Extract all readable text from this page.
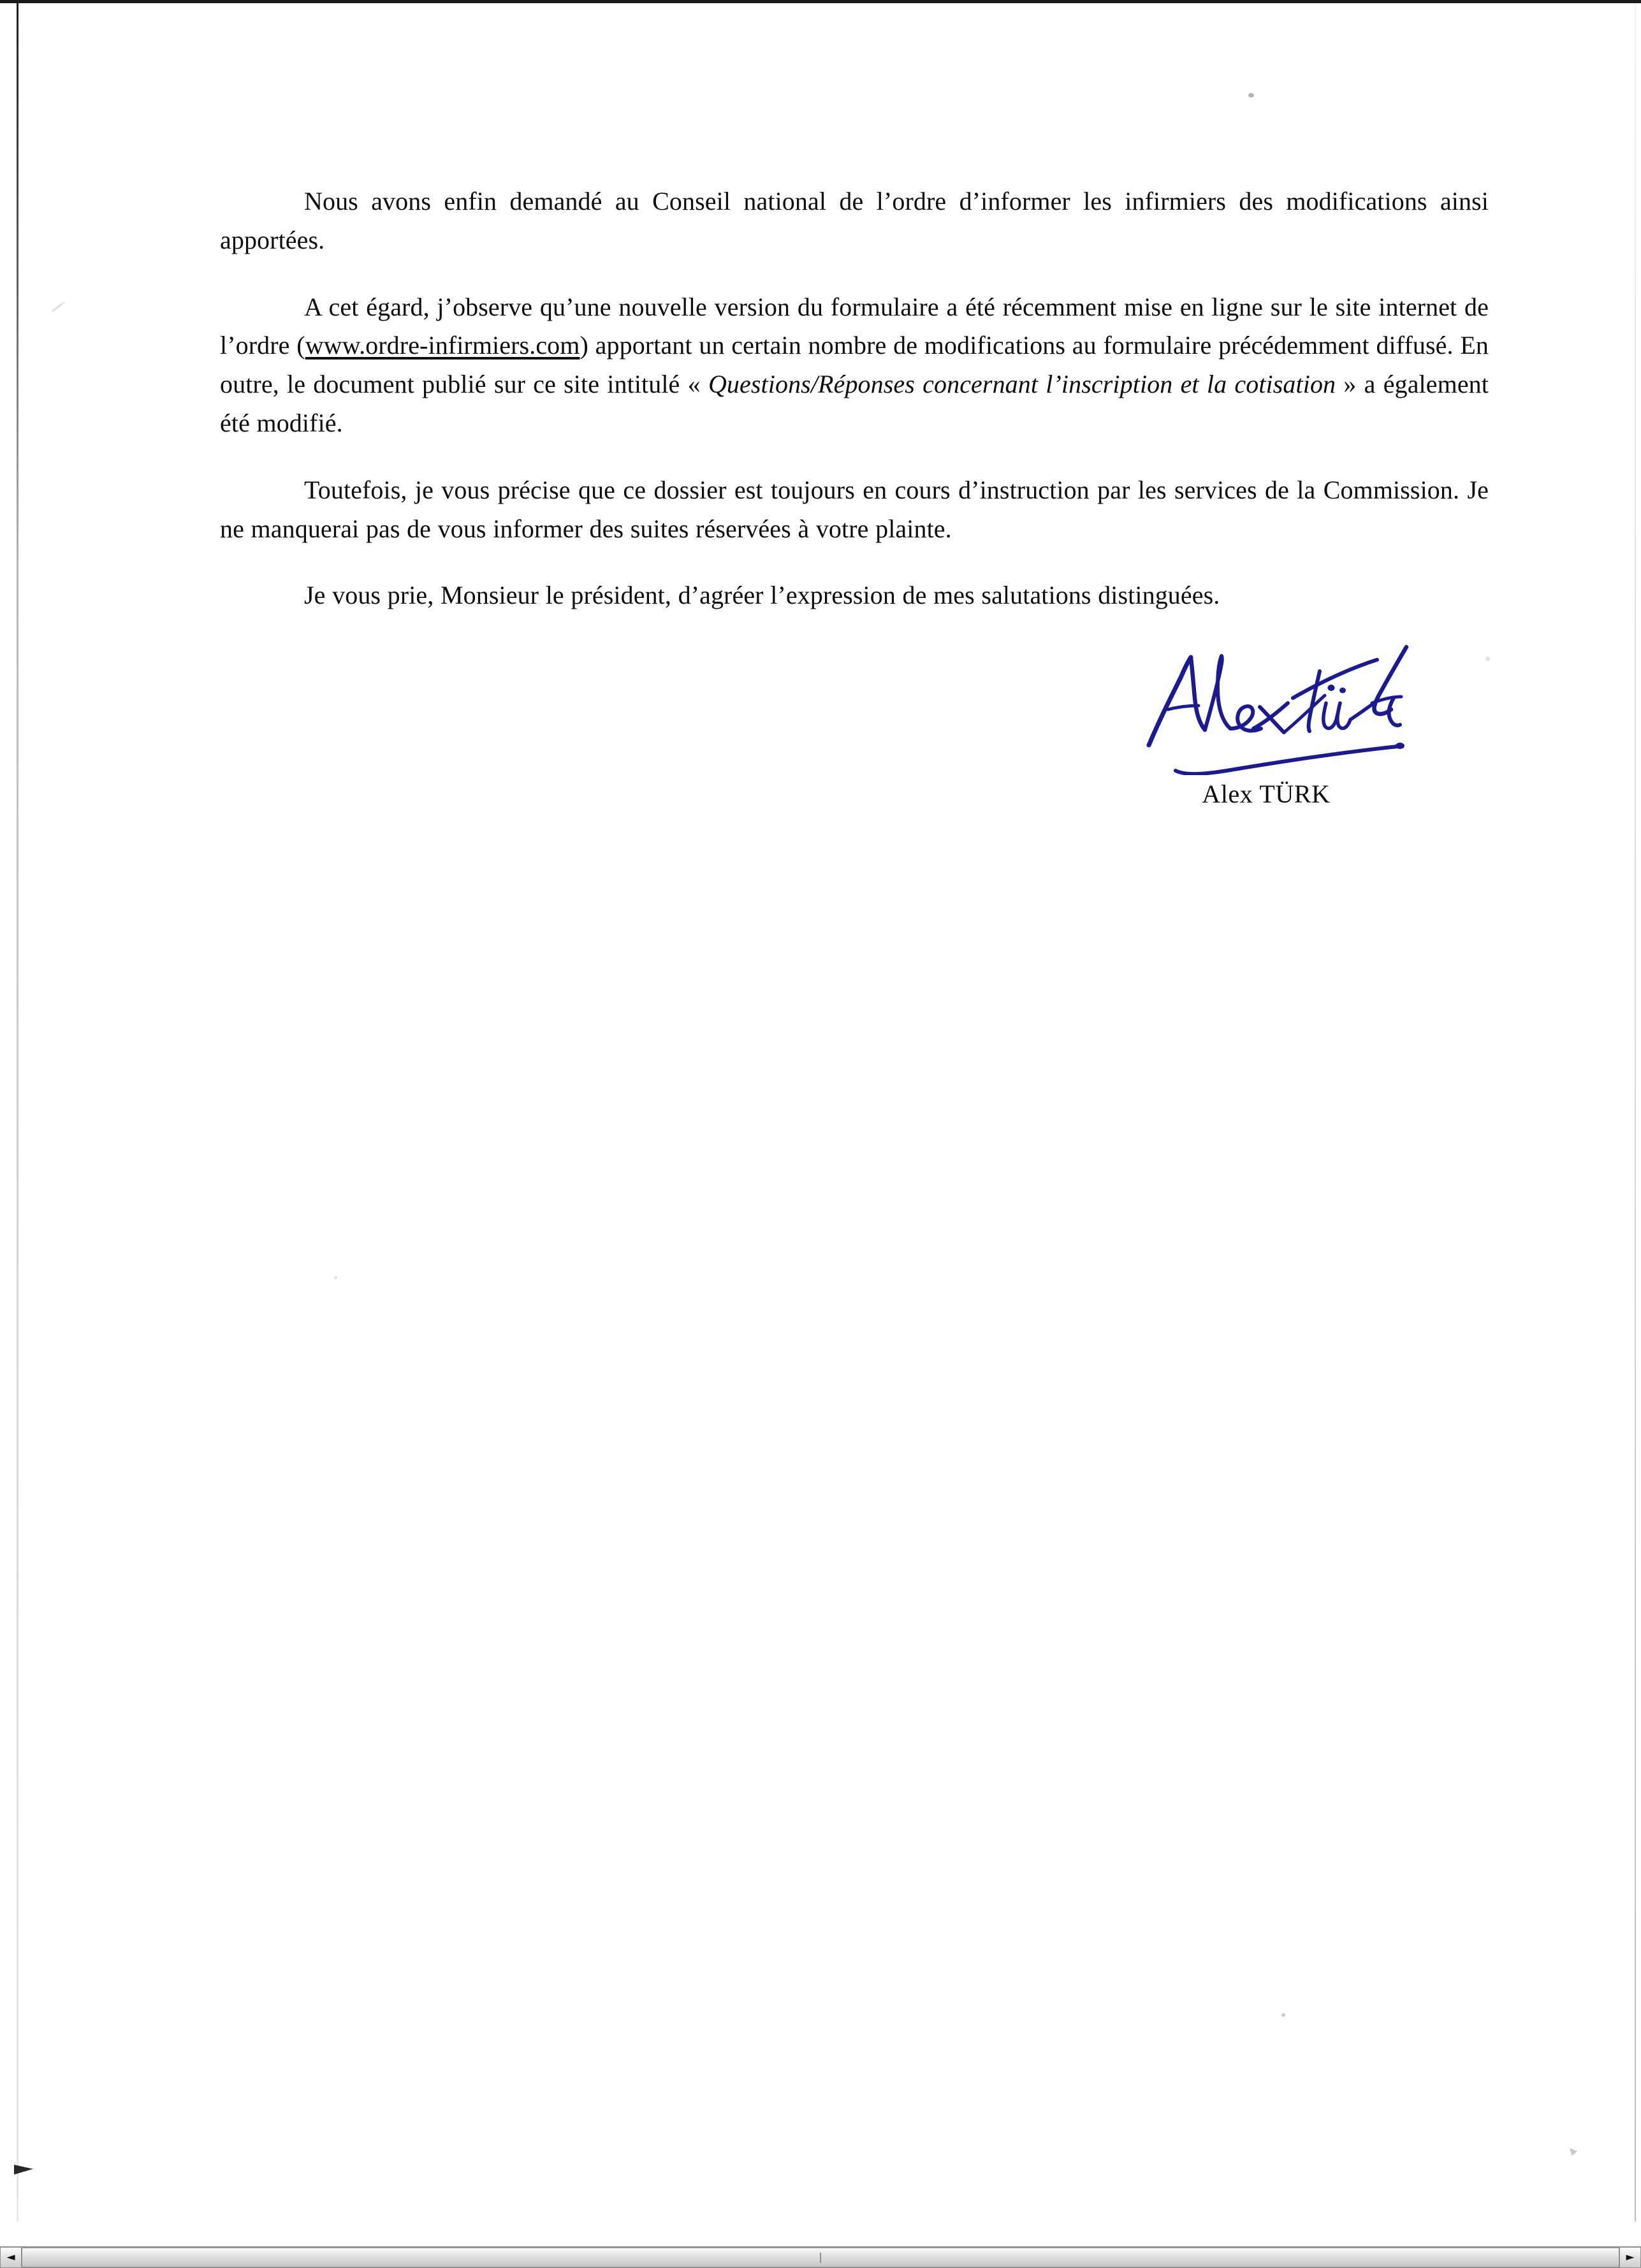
Nous avons enfin demandé au Conseil national de l’ordre d’informer les infirmiers des modifications ainsi apportées.

A cet égard, j’observe qu’une nouvelle version du formulaire a été récemment mise en ligne sur le site internet de l’ordre (www.ordre-infirmiers.com) apportant un certain nombre de modifications au formulaire précédemment diffusé. En outre, le document publié sur ce site intitulé « Questions/Réponses concernant l’inscription et la cotisation » a également été modifié.

Toutefois, je vous précise que ce dossier est toujours en cours d’instruction par les services de la Commission. Je ne manquerai pas de vous informer des suites réservées à votre plainte.

Je vous prie, Monsieur le président, d’agréer l’expression de mes salutations distinguées.

Alex TÜRK
◄	►
